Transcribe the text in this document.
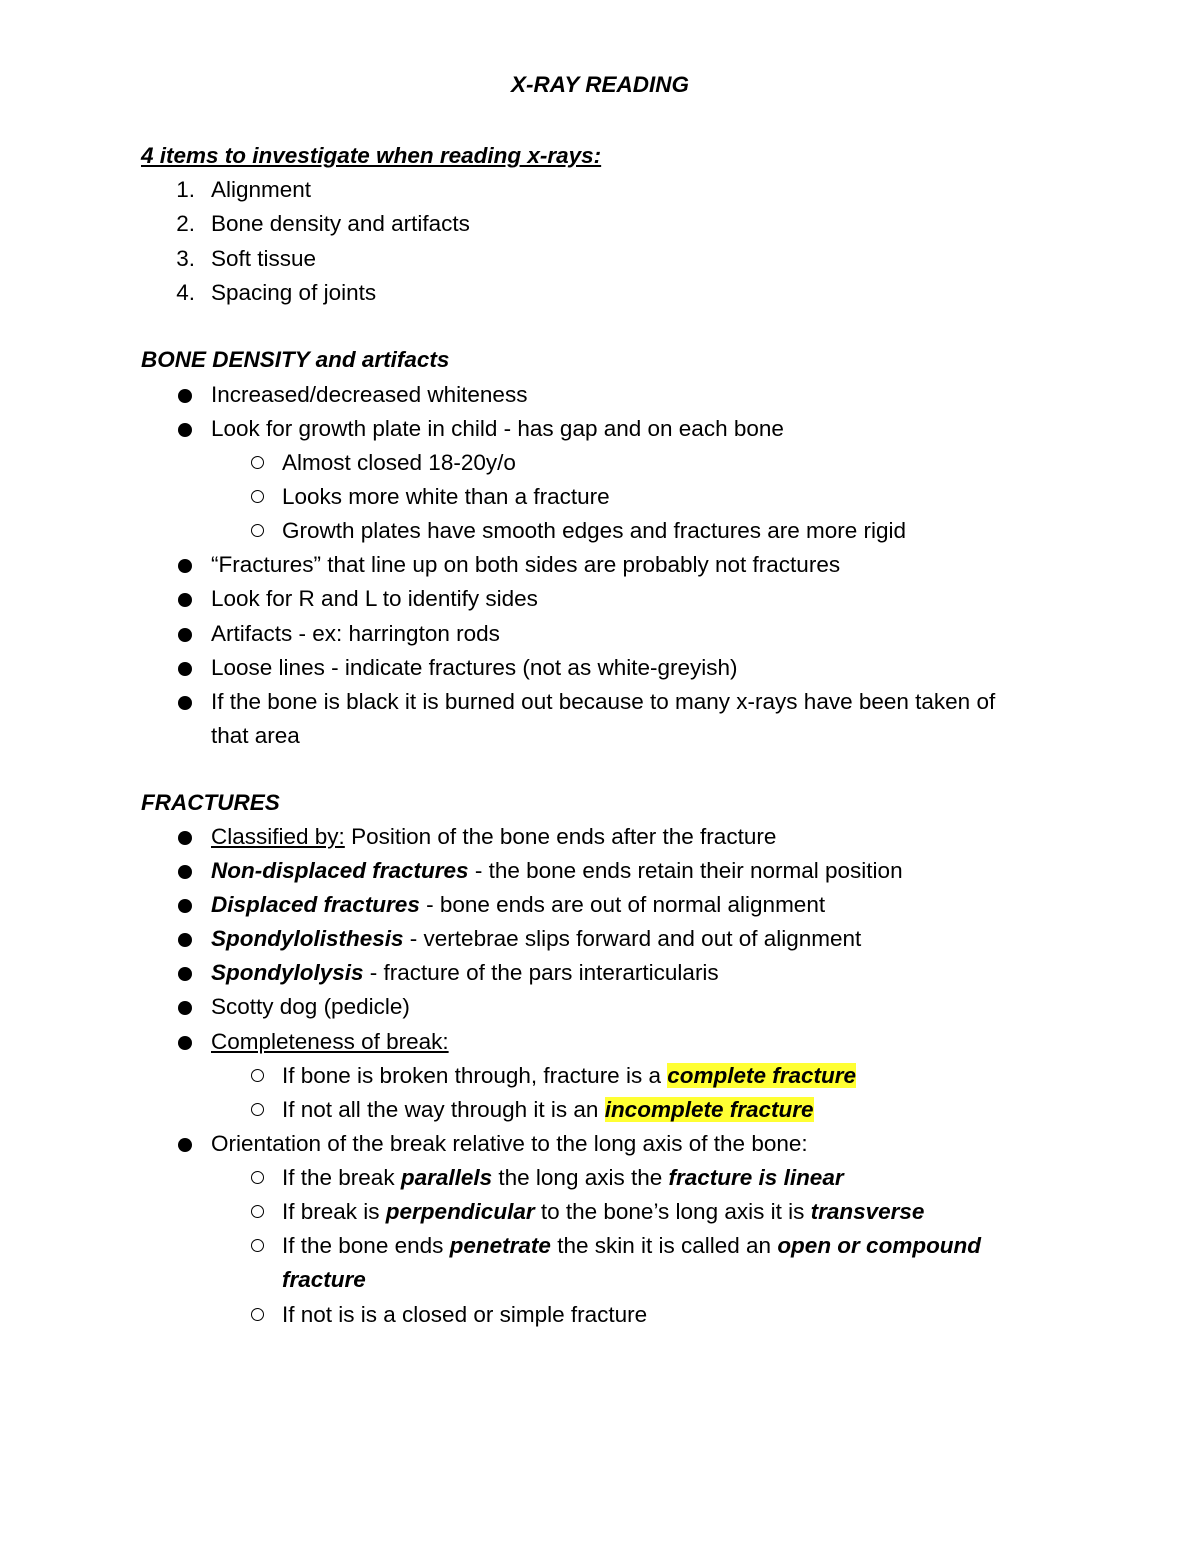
X-RAY READING
4 items to investigate when reading x-rays:
1. Alignment
2. Bone density and artifacts
3. Soft tissue
4. Spacing of joints
BONE DENSITY and artifacts
Increased/decreased whiteness
Look for growth plate in child - has gap and on each bone
Almost closed 18-20y/o
Looks more white than a fracture
Growth plates have smooth edges and fractures are more rigid
“Fractures” that line up on both sides are probably not fractures
Look for R and L to identify sides
Artifacts - ex: harrington rods
Loose lines - indicate fractures (not as white-greyish)
If the bone is black it is burned out because to many x-rays have been taken of
that area
FRACTURES
Classified by: Position of the bone ends after the fracture
Non-displaced fractures - the bone ends retain their normal position
Displaced fractures - bone ends are out of normal alignment
Spondylolisthesis - vertebrae slips forward and out of alignment
Spondylolysis - fracture of the pars interarticularis
Scotty dog (pedicle)
Completeness of break:
If bone is broken through, fracture is a complete fracture
If not all the way through it is an incomplete fracture
Orientation of the break relative to the long axis of the bone:
If the break parallels the long axis the fracture is linear
If break is perpendicular to the bone’s long axis it is transverse
If the bone ends penetrate the skin it is called an open or compound
fracture
If not is is a closed or simple fracture
